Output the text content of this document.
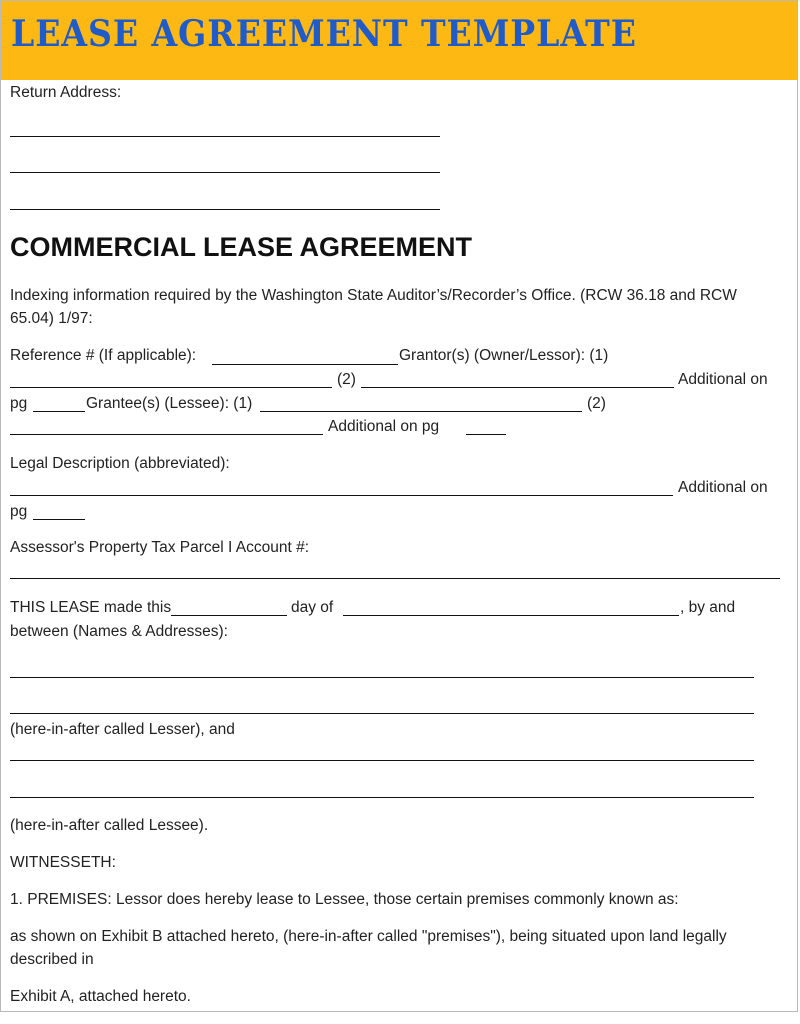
LEASE AGREEMENT TEMPLATE
Return Address:
COMMERCIAL LEASE AGREEMENT
Indexing information required by the Washington State Auditor’s/Recorder’s Office. (RCW 36.18 and RCW
65.04) 1/97:
Reference # (If applicable):	Grantor(s) (Owner/Lessor): (1)
(2)	Additional on
pg	Grantee(s) (Lessee): (1)	(2)
Additional on pg
Legal Description (abbreviated):
Additional on
pg
Assessor's Property Tax Parcel I Account #:
THIS LEASE made this	day of	, by and
between (Names & Addresses):
(here-in-after called Lesser), and
(here-in-after called Lessee).
WITNESSETH:
1. PREMISES: Lessor does hereby lease to Lessee, those certain premises commonly known as:
as shown on Exhibit B attached hereto, (here-in-after called "premises"), being situated upon land legally
described in
Exhibit A, attached hereto.
